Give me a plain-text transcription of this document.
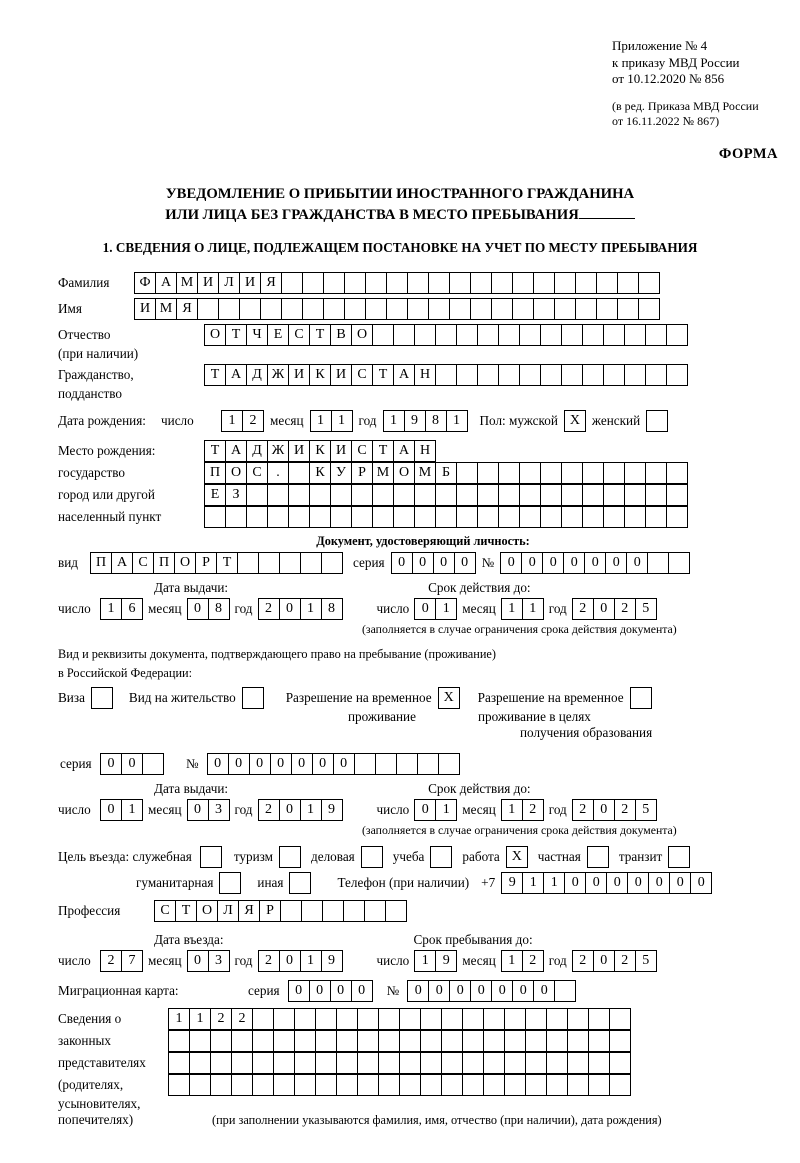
Приложение № 4
к приказу МВД России
от 10.12.2020 № 856
(в ред. Приказа МВД России
от 16.11.2022 № 867)
ФОРМА
УВЕДОМЛЕНИЕ О ПРИБЫТИИ ИНОСТРАННОГО ГРАЖДАНИНА
ИЛИ ЛИЦА БЕЗ ГРАЖДАНСТВА В МЕСТО ПРЕБЫВАНИЯ
1. СВЕДЕНИЯ О ЛИЦЕ, ПОДЛЕЖАЩЕМ ПОСТАНОВКЕ НА УЧЕТ ПО МЕСТУ ПРЕБЫВАНИЯ
Фамилия	Ф А М И Л И Я
Имя	И М Я
Отчество	О Т Ч Е С Т В О
(при наличии)
Гражданство,	Т А Д Ж И К И С Т А Н
подданство
Дата рождения:	число	1	2	месяц 1	1	год 1	9	8	1	Пол: мужской X женский
Место рождения:	Т А Д Ж И К И С Т А Н
государство	П О С	.	К У Р М О М Б
город или другой	Е З
населенный пункт
Документ, удостоверяющий личность:
вид	П А С П О Р Т	серия 0	0	0	0	№ 0	0	0	0	0	0	0
Дата выдачи:	Срок действия до:
число	1	6 месяц 0	8 год 2	0	1	8	число 0	1 месяц 1	1 год 2	0	2	5
(заполняется в случае ограничения срока действия документа)
Вид и реквизиты документа, подтверждающего право на пребывание (проживание)
в Российской Федерации:
Виза	Вид на жительство	Разрешение на временное X	Разрешение на временное
проживание	проживание в целях
получения образования
серия	0	0	№	0	0	0	0	0	0	0
Дата выдачи:	Срок действия до:
число	0	1 месяц 0	3 год 2	0	1	9	число 0	1 месяц 1	2 год 2	0	2	5
(заполняется в случае ограничения срока действия документа)
Цель въезда: служебная	туризм	деловая	учеба	работа X	частная	транзит
гуманитарная	иная	Телефон (при наличии) +7 9	1	1	0	0	0	0	0	0	0
Профессия	С Т О Л Я Р
Дата въезда:	Срок пребывания до:
число	2	7 месяц 0	3 год 2	0	1	9	число 1	9 месяц 1	2 год 2	0	2	5
Миграционная карта:	серия	0	0	0	0	№	0	0	0	0	0	0	0
Сведения о	1	1	2	2
законных
представителях
(родителях,
усыновителях,
попечителях)	(при заполнении указываются фамилия, имя, отчество (при наличии), дата рождения)
